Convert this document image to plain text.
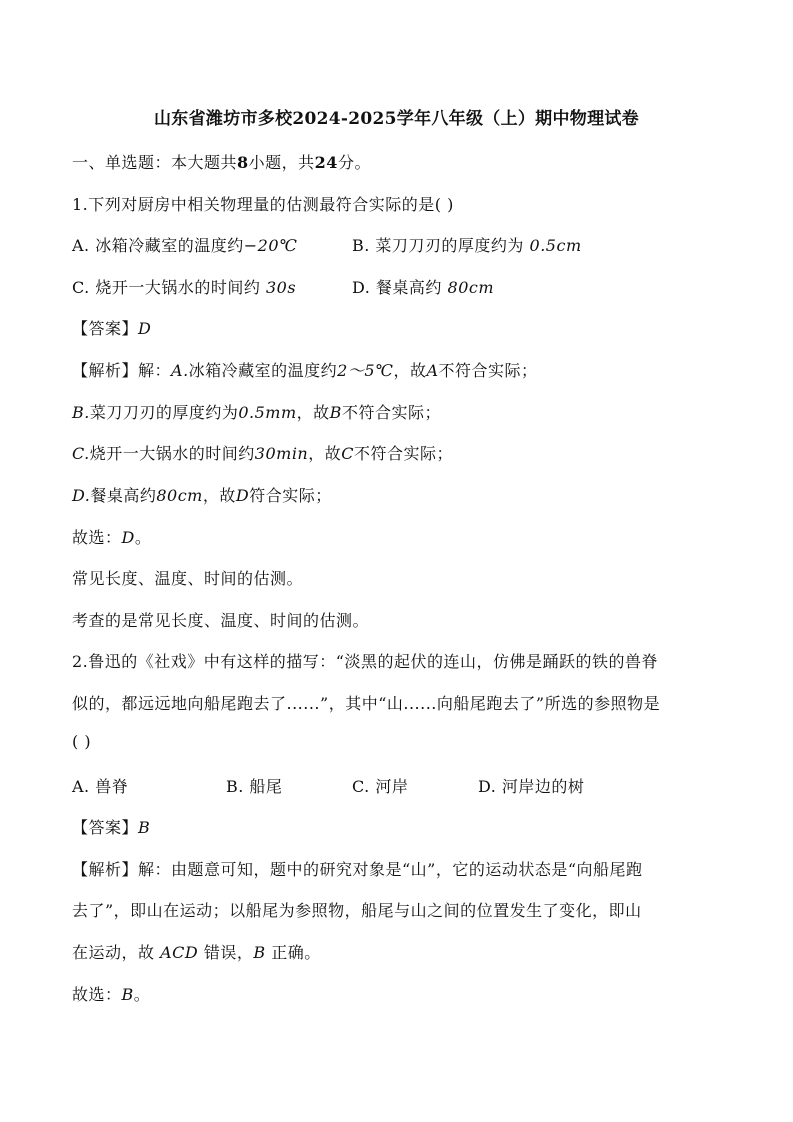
山东省潍坊市多校2024-2025学年八年级（上）期中物理试卷
一、单选题：本大题共8小题，共24分。
1.下列对厨房中相关物理量的估测最符合实际的是( )
A. 冰箱冷藏室的温度约−20℃	B. 菜刀刀刃的厚度约为 0.5cm
C. 烧开一大锅水的时间约 30s	D. 餐桌高约 80cm
【答案】D
【解析】解：A.冰箱冷藏室的温度约2～5℃，故A不符合实际；
B.菜刀刀刃的厚度约为0.5mm，故B不符合实际；
C.烧开一大锅水的时间约30min，故C不符合实际；
D.餐桌高约80cm，故D符合实际；
故选：D。
常见长度、温度、时间的估测。
考查的是常见长度、温度、时间的估测。
2.鲁迅的《社戏》中有这样的描写：“淡黑的起伏的连山，仿佛是踊跃的铁的兽脊
似的，都远远地向船尾跑去了......”，其中“山......向船尾跑去了”所选的参照物是
( )
A. 兽脊	B. 船尾	C. 河岸	D. 河岸边的树
【答案】B
【解析】解：由题意可知，题中的研究对象是“山”，它的运动状态是“向船尾跑
去了”，即山在运动；以船尾为参照物，船尾与山之间的位置发生了变化，即山
在运动，故 ACD 错误，B 正确。
故选：B。
